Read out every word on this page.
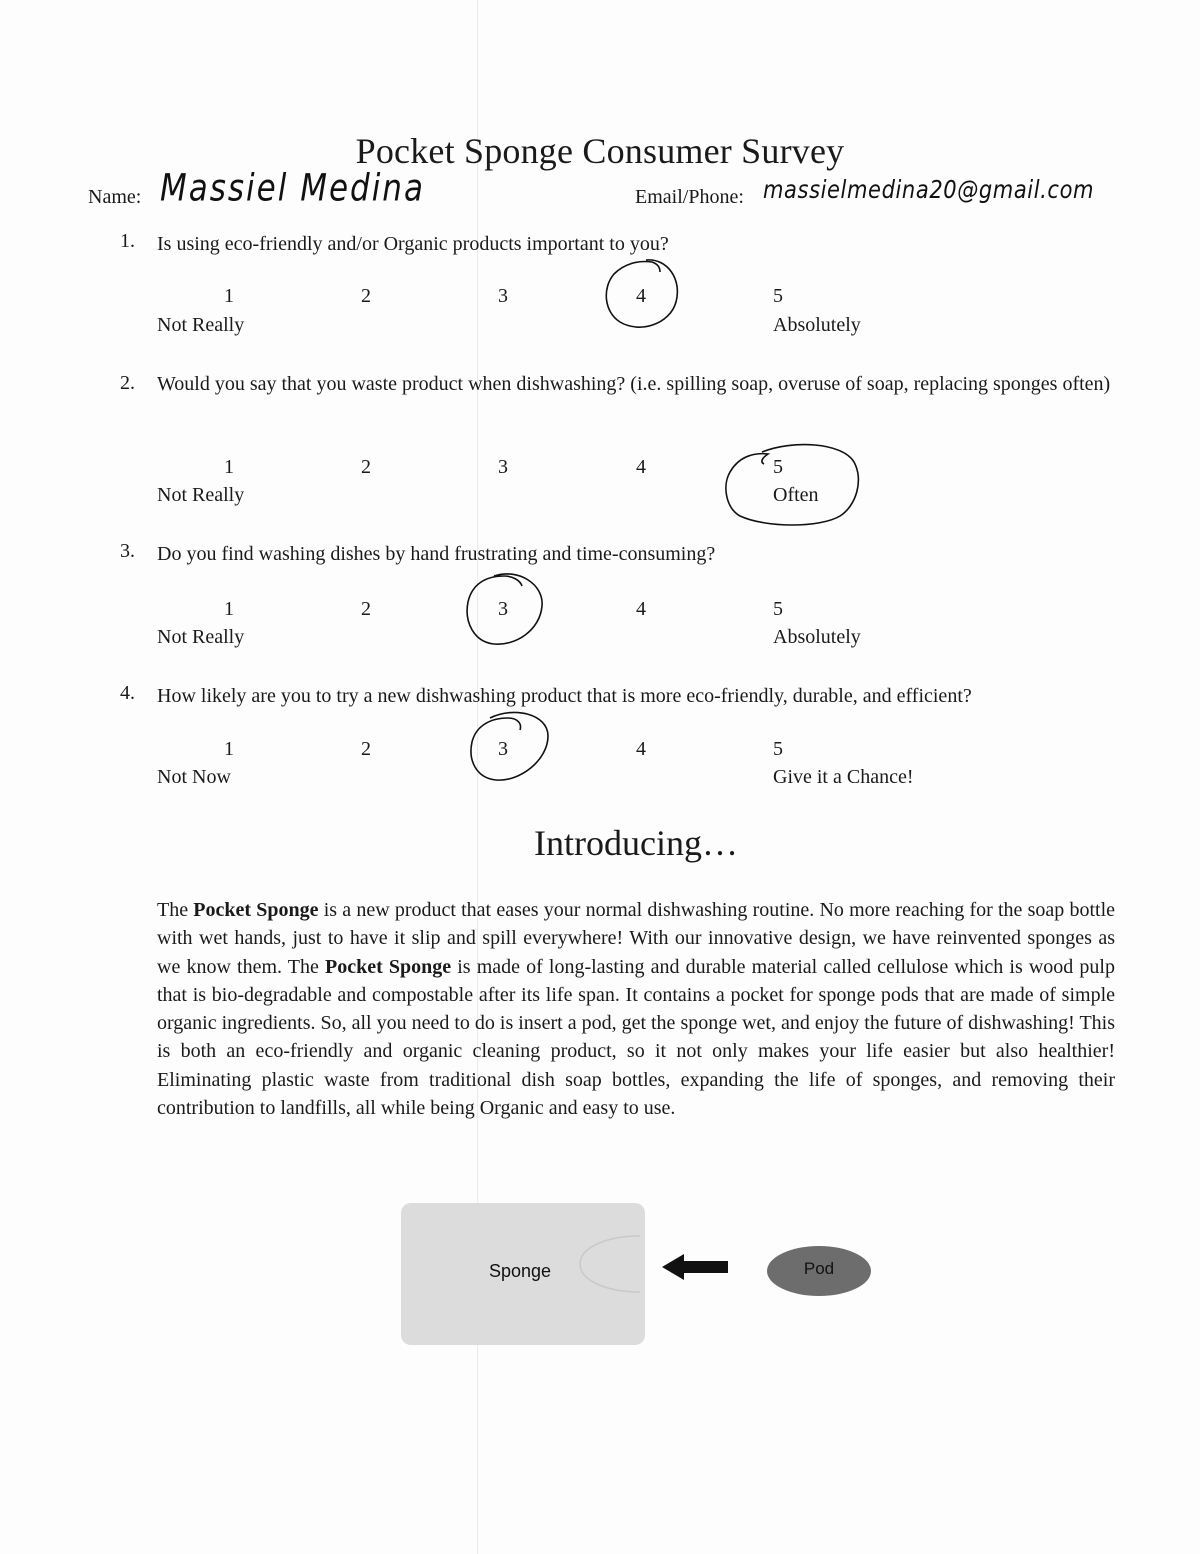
Pocket Sponge Consumer Survey
Name: Massiel Medina	Email/Phone: massielmedina20@gmail.com
1. Is using eco-friendly and/or Organic products important to you?
1	2	3	4	5
Not Really	Absolutely
2. Would you say that you waste product when dishwashing? (i.e. spilling soap, overuse of soap, replacing sponges often)
1	2	3	4	5
Not Really	Often
3. Do you find washing dishes by hand frustrating and time-consuming?
1	2	3	4	5
Not Really	Absolutely
4. How likely are you to try a new dishwashing product that is more eco-friendly, durable, and efficient?
1	2	3	4	5
Not Now	Give it a Chance!
Introducing…
The Pocket Sponge is a new product that eases your normal dishwashing routine. No more reaching for the soap bottle with wet hands, just to have it slip and spill everywhere! With our innovative design, we have reinvented sponges as we know them. The Pocket Sponge is made of long-lasting and durable material called cellulose which is wood pulp that is bio-degradable and compostable after its life span. It contains a pocket for sponge pods that are made of simple organic ingredients. So, all you need to do is insert a pod, get the sponge wet, and enjoy the future of dishwashing! This is both an eco-friendly and organic cleaning product, so it not only makes your life easier but also healthier! Eliminating plastic waste from traditional dish soap bottles, expanding the life of sponges, and removing their contribution to landfills, all while being Organic and easy to use.
Sponge	Pod
